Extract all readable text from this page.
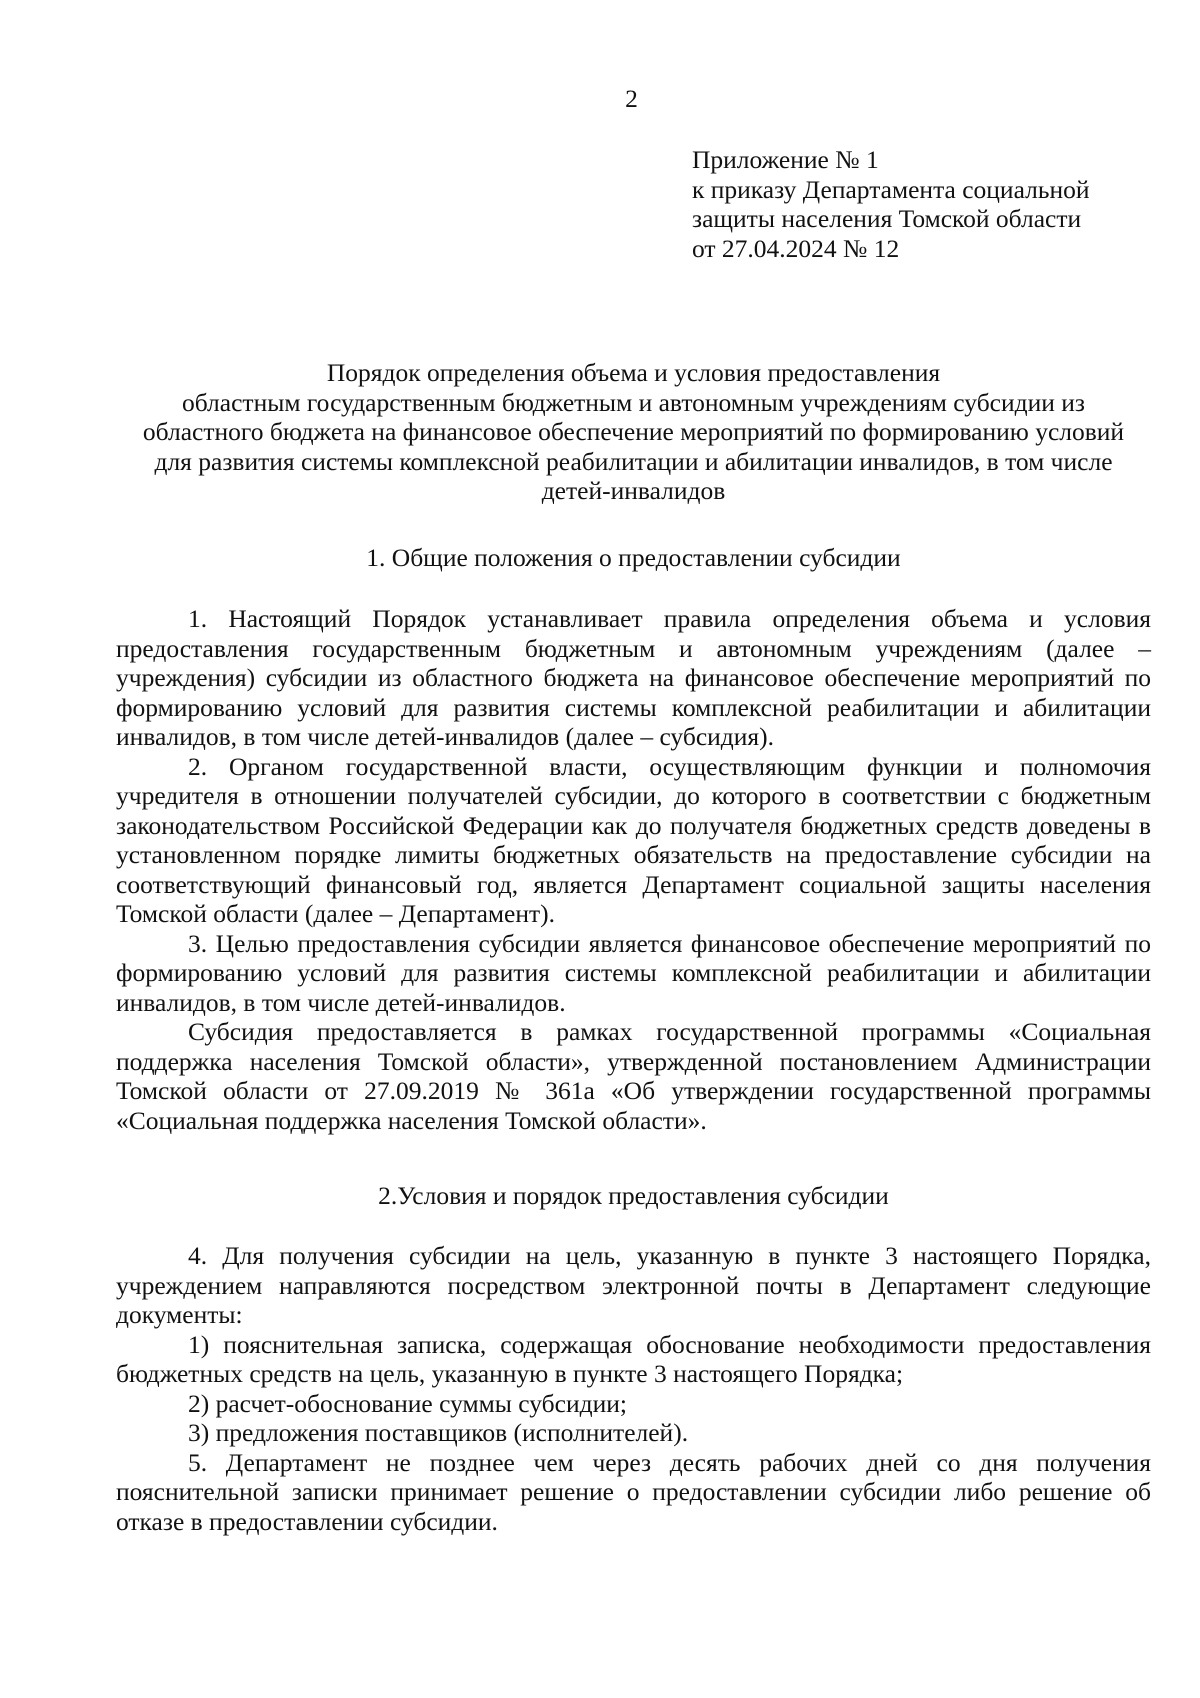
2
Приложение № 1
к приказу Департамента социальной
защиты населения Томской области
от 27.04.2024 № 12
Порядок определения объема и условия предоставления
областным государственным бюджетным и автономным учреждениям субсидии из
областного бюджета на финансовое обеспечение мероприятий по формированию условий
для развития системы комплексной реабилитации и абилитации инвалидов, в том числе
детей-инвалидов
1. Общие положения о предоставлении субсидии

1. Настоящий Порядок устанавливает правила определения объема и условия предоставления государственным бюджетным и автономным учреждениям (далее – учреждения) субсидии из областного бюджета на финансовое обеспечение мероприятий по формированию условий для развития системы комплексной реабилитации и абилитации инвалидов, в том числе детей-инвалидов (далее – субсидия).

2. Органом государственной власти, осуществляющим функции и полномочия учредителя в отношении получателей субсидии, до которого в соответствии с бюджетным законодательством Российской Федерации как до получателя бюджетных средств доведены в установленном порядке лимиты бюджетных обязательств на предоставление субсидии на соответствующий финансовый год, является Департамент социальной защиты населения Томской области (далее – Департамент).

3. Целью предоставления субсидии является финансовое обеспечение мероприятий по формированию условий для развития системы комплексной реабилитации и абилитации инвалидов, в том числе детей-инвалидов.

Субсидия предоставляется в рамках государственной программы «Социальная поддержка населения Томской области», утвержденной постановлением Администрации Томской области от 27.09.2019 № 361а «Об утверждении государственной программы «Социальная поддержка населения Томской области».

2.Условия и порядок предоставления субсидии

4. Для получения субсидии на цель, указанную в пункте 3 настоящего Порядка, учреждением направляются посредством электронной почты в Департамент следующие документы:

1) пояснительная записка, содержащая обоснование необходимости предоставления бюджетных средств на цель, указанную в пункте 3 настоящего Порядка;

2) расчет-обоснование суммы субсидии;

3) предложения поставщиков (исполнителей).

5. Департамент не позднее чем через десять рабочих дней со дня получения пояснительной записки принимает решение о предоставлении субсидии либо решение об отказе в предоставлении субсидии.
